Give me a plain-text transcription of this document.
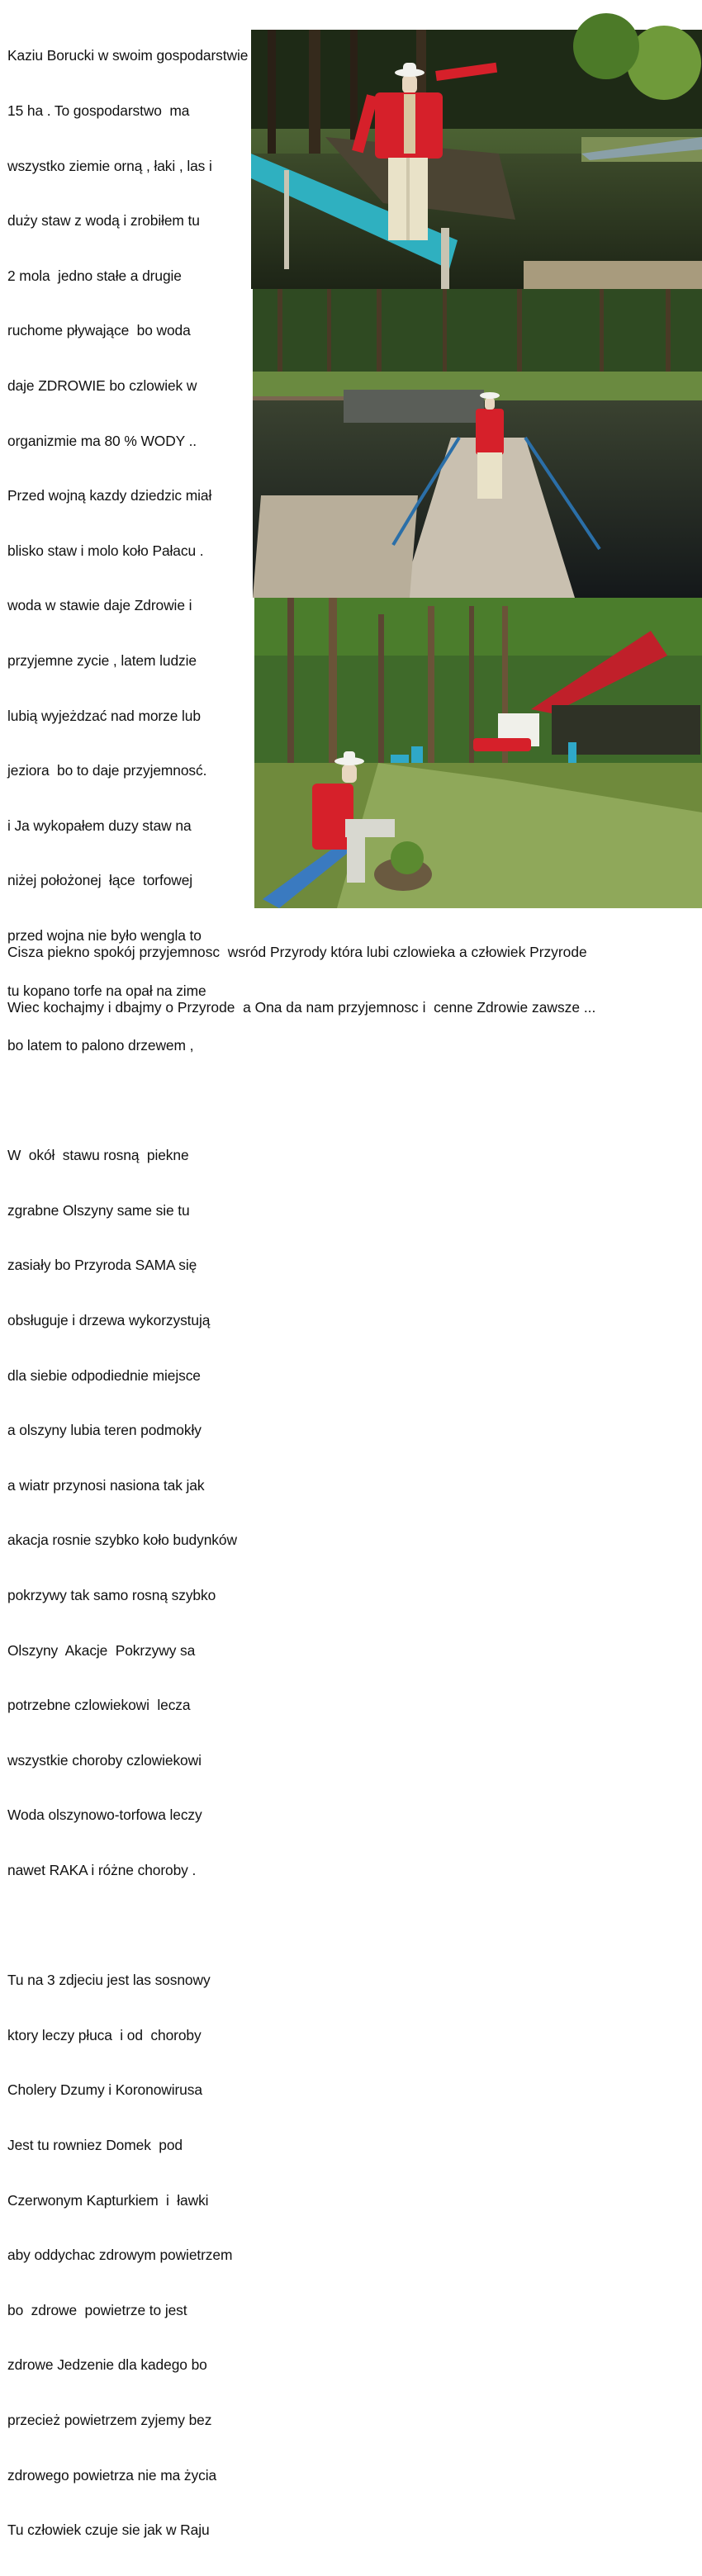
Kaziu Borucki w swoim gospodarstwie

15 ha . To gospodarstwo  ma

wszystko ziemie orną , łaki , las i

duży staw z wodą i zrobiłem tu

2 mola  jedno stałe a drugie

ruchome pływające  bo woda

daje ZDROWIE bo czlowiek w

organizmie ma 80 % WODY ..

Przed wojną kazdy dziedzic miał

blisko staw i molo koło Pałacu .

woda w stawie daje Zdrowie i

przyjemne zycie , latem ludzie

lubią wyjeżdzać nad morze lub

jeziora  bo to daje przyjemnosć.

i Ja wykopałem duzy staw na

niżej położonej  łące  torfowej

przed wojna nie było wengla to

tu kopano torfe na opał na zime

bo latem to palono drzewem ,

W  okół  stawu rosną  piekne

zgrabne Olszyny same sie tu

zasiały bo Przyroda SAMA się

obsługuje i drzewa wykorzystują

dla siebie odpodiednie miejsce

a olszyny lubia teren podmokły

a wiatr przynosi nasiona tak jak

akacja rosnie szybko koło budynków

pokrzywy tak samo rosną szybko

Olszyny  Akacje  Pokrzywy sa

potrzebne czlowiekowi  lecza

wszystkie choroby czlowiekowi

Woda olszynowo-torfowa leczy

nawet RAKA i różne choroby .

Tu na 3 zdjeciu jest las sosnowy

ktory leczy płuca  i od  choroby

Cholery Dzumy i Koronowirusa

Jest tu rowniez Domek  pod

Czerwonym Kapturkiem  i  ławki

aby oddychac zdrowym powietrzem

bo  zdrowe  powietrze to jest

zdrowe Jedzenie dla kadego bo

przecież powietrzem zyjemy bez

zdrowego powietrza nie ma życia

Tu człowiek czuje sie jak w Raju

Cisza piekno spokój przyjemnosc  wsród Przyrody która lubi czlowieka a człowiek Przyrode

Wiec kochajmy i dbajmy o Przyrode  a Ona da nam przyjemnosc i  cenne Zdrowie zawsze ...
